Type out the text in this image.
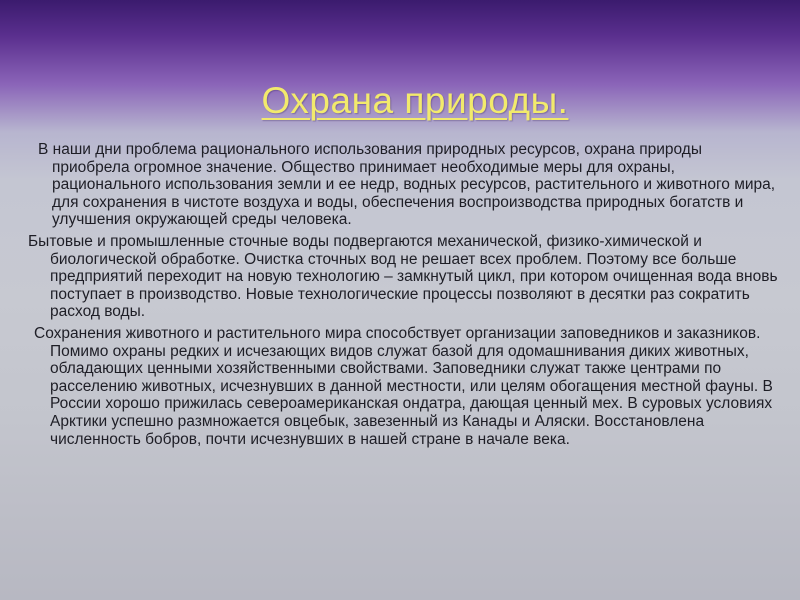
Охрана природы.

В наши дни проблема рационального использования природных ресурсов, охрана природы приобрела огромное значение. Общество принимает необходимые меры для охраны, рационального использования земли и ее недр, водных ресурсов, растительного и животного мира, для сохранения в чистоте воздуха и воды, обеспечения воспроизводства природных богатств и улучшения окружающей среды человека.

Бытовые и промышленные сточные воды подвергаются механической, физико-химической и биологической обработке. Очистка сточных вод не решает всех проблем. Поэтому все больше предприятий переходит на новую технологию – замкнутый цикл, при котором очищенная вода вновь поступает в производство. Новые технологические процессы позволяют в десятки раз сократить расход воды.

Сохранения животного и растительного мира способствует организации заповедников и заказников. Помимо охраны редких и исчезающих видов служат базой для одомашнивания диких животных, обладающих ценными хозяйственными свойствами. Заповедники служат также центрами по расселению животных, исчезнувших в данной местности, или целям обогащения местной фауны. В России хорошо прижилась североамериканская ондатра, дающая ценный мех. В суровых условиях Арктики успешно размножается овцебык, завезенный из Канады и Аляски. Восстановлена численность бобров, почти исчезнувших в нашей стране в начале века.
